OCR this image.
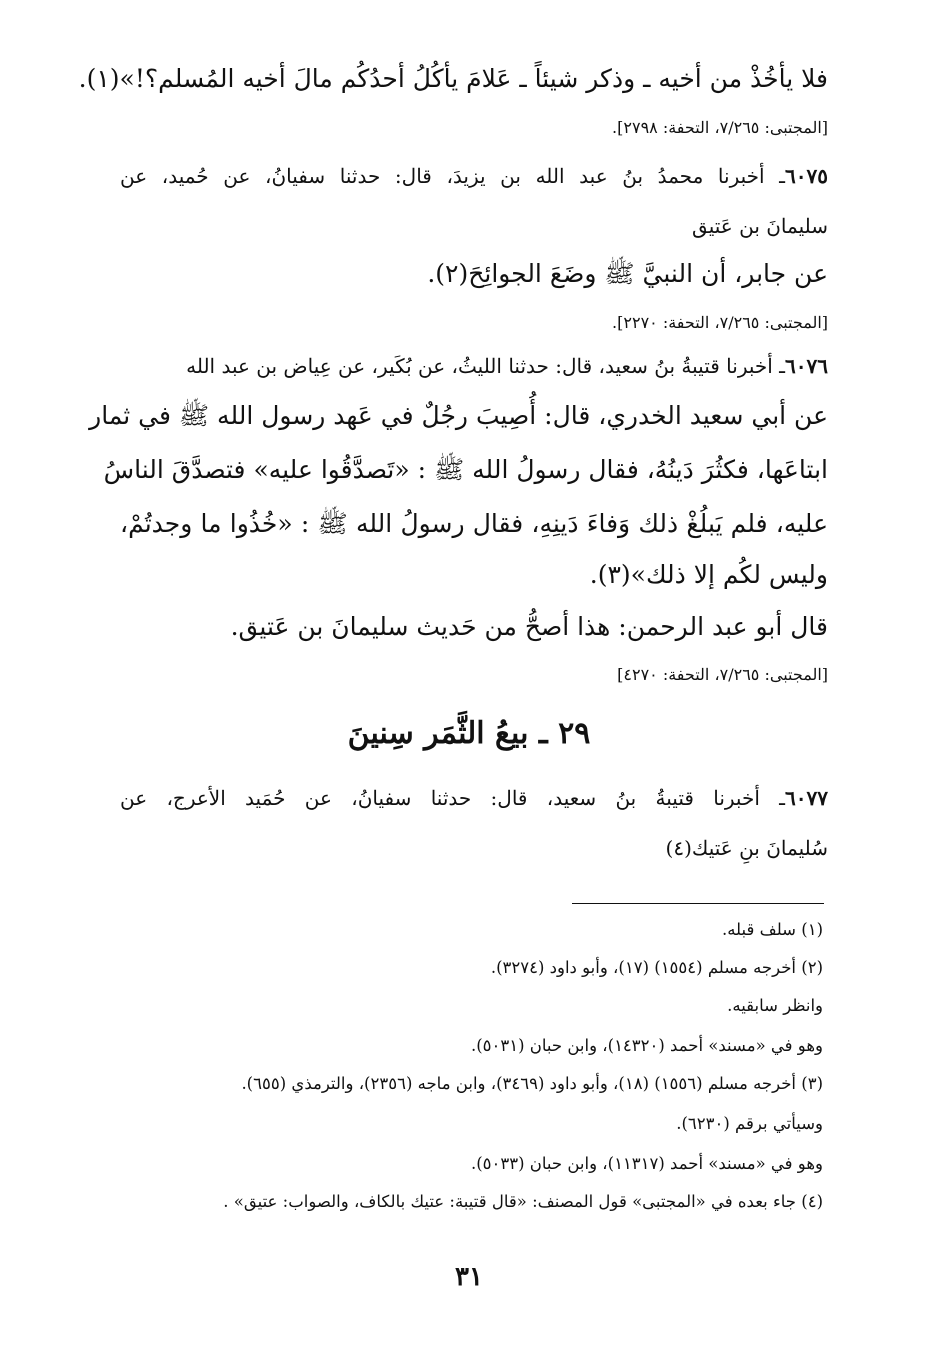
فلا يأخُذْ من أخيه ـ وذكر شيئاً ـ عَلامَ يأكُلُ أحدُكُم مالَ أخيه المُسلم؟!»(١).
[المجتبى: ٧/٢٦٥، التحفة: ٢٧٩٨].
٦٠٧٥ـ أخبرنا محمدُ بنُ عبد الله بن يزيدَ، قال: حدثنا سفيانُ، عن حُميد، عن
سليمانَ بن عَتيق
عن جابر، أن النبيَّ ﷺ وضَعَ الجوائِحَ(٢).
[المجتبى: ٧/٢٦٥، التحفة: ٢٢٧٠].
٦٠٧٦ـ أخبرنا قتيبةُ بنُ سعيد، قال: حدثنا الليثُ، عن بُكَير، عن عِياض بن عبد الله
عن أبي سعيد الخدري، قال: أُصِيبَ رجُلٌ في عَهد رسول الله ﷺ في ثمار
ابتاعَها، فكثُرَ دَينُهُ، فقال رسولُ الله ﷺ : «تَصدَّقُوا عليه» فتصدَّقَ الناسُ
عليه، فلم يَبلُغْ ذلك وَفاءَ دَينِهِ، فقال رسولُ الله ﷺ : «خُذُوا ما وجدتُمْ،
وليس لكُم إلا ذلك»(٣).
قال أبو عبد الرحمن: هذا أصحُّ من حَديث سليمانَ بن عَتيق.
[المجتبى: ٧/٢٦٥، التحفة: ٤٢٧٠]
٢٩ ـ بيعُ الثَّمَر سِنينَ
٦٠٧٧ـ أخبرنا قتيبةُ بنُ سعيد، قال: حدثنا سفيانُ، عن حُمَيد الأعرج، عن
سُليمانَ بنِ عَتيك(٤)
(١) سلف قبله.
(٢) أخرجه مسلم (١٥٥٤) (١٧)، وأبو داود (٣٢٧٤).
وانظر سابقيه.
وهو في «مسند» أحمد (١٤٣٢٠)، وابن حبان (٥٠٣١).
(٣) أخرجه مسلم (١٥٥٦) (١٨)، وأبو داود (٣٤٦٩)، وابن ماجه (٢٣٥٦)، والترمذي (٦٥٥).
وسيأتي برقم (٦٢٣٠).
وهو في «مسند» أحمد (١١٣١٧)، وابن حبان (٥٠٣٣).
(٤) جاء بعده في «المجتبى» قول المصنف: «قال قتيبة: عتيك بالكاف، والصواب: عتيق» .
٣١
